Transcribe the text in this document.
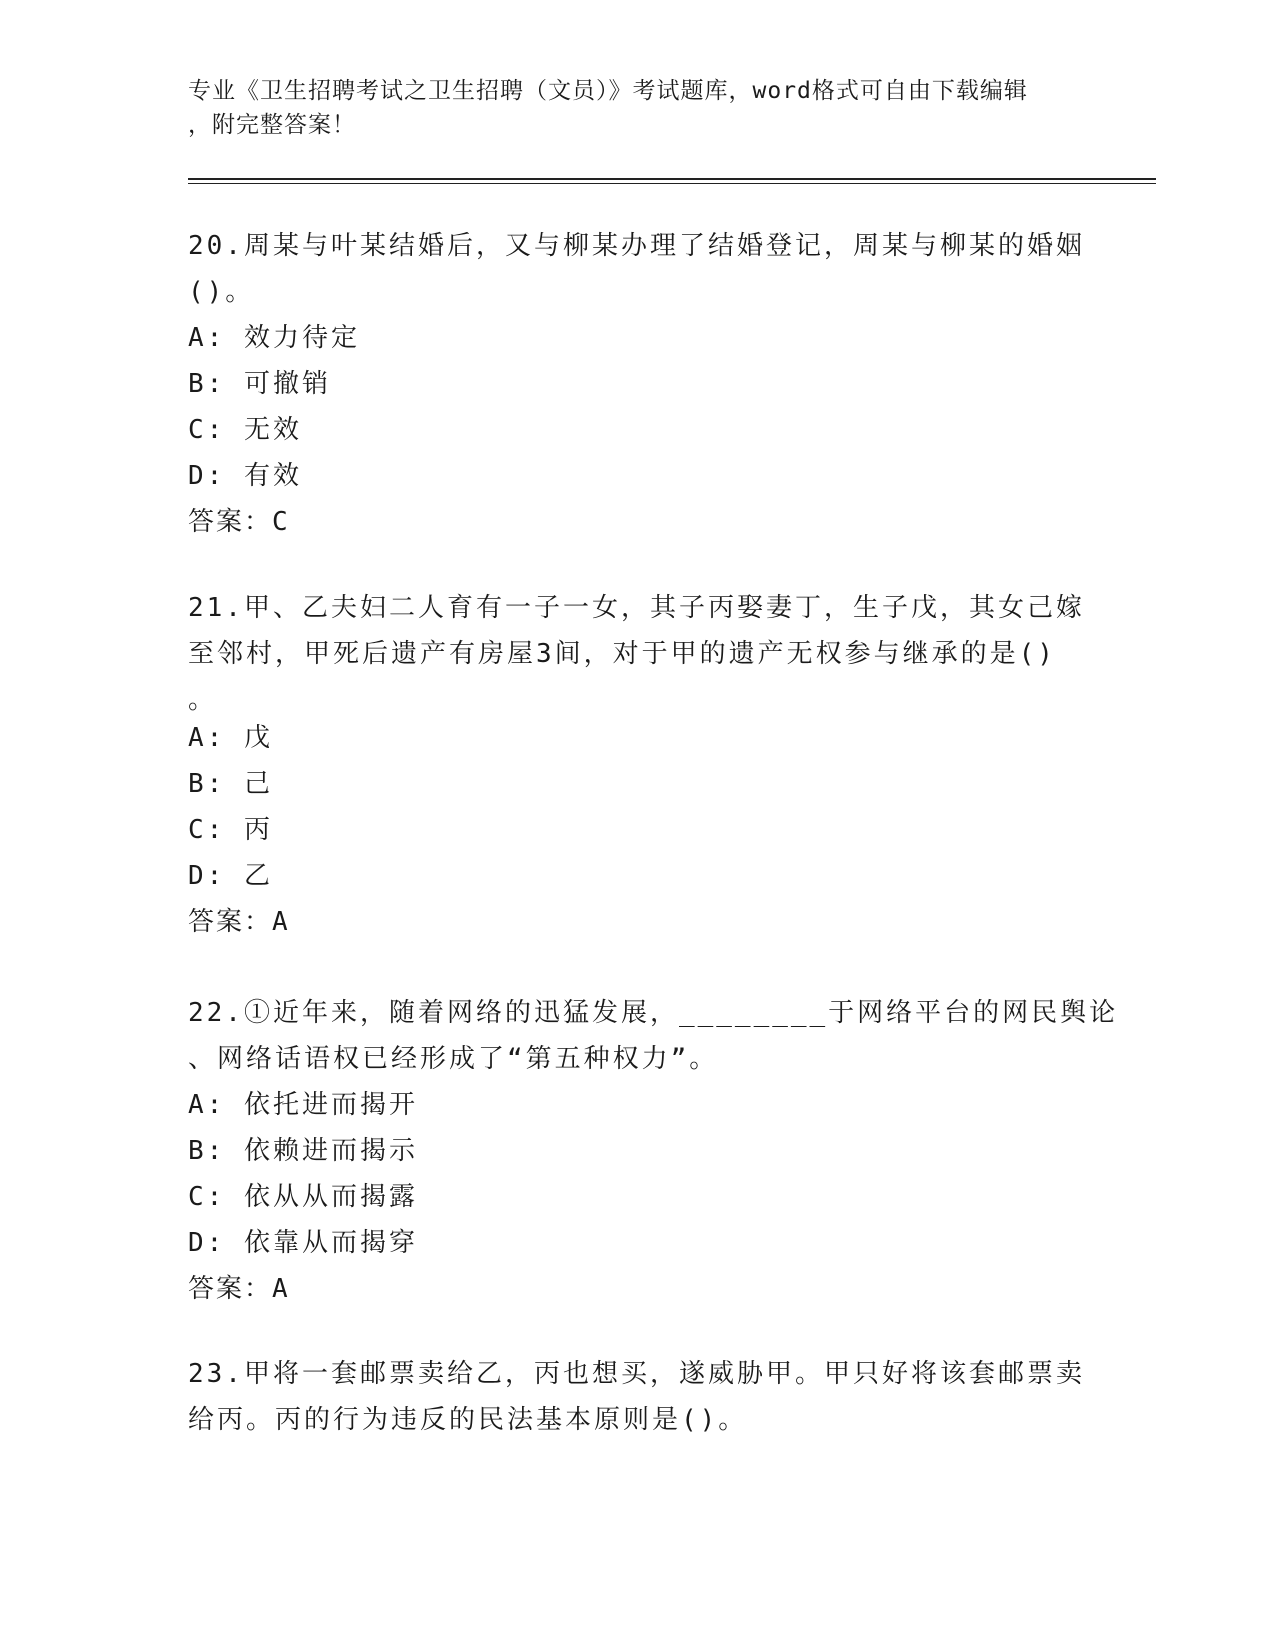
专业《卫生招聘考试之卫生招聘（文员）》考试题库，word格式可自由下载编辑
，附完整答案！
20.周某与叶某结婚后，又与柳某办理了结婚登记，周某与柳某的婚姻
()。
A: 效力待定
B: 可撤销
C: 无效
D: 有效
答案：C
21.甲、乙夫妇二人育有一子一女，其子丙娶妻丁，生子戊，其女己嫁
至邻村，甲死后遗产有房屋3间，对于甲的遗产无权参与继承的是()
。
A: 戊
B: 己
C: 丙
D: 乙
答案：A
22.①近年来，随着网络的迅猛发展，________于网络平台的网民舆论
、网络话语权已经形成了“第五种权力”。
A: 依托进而揭开
B: 依赖进而揭示
C: 依从从而揭露
D: 依靠从而揭穿
答案：A
23.甲将一套邮票卖给乙，丙也想买，遂威胁甲。甲只好将该套邮票卖
给丙。丙的行为违反的民法基本原则是()。
